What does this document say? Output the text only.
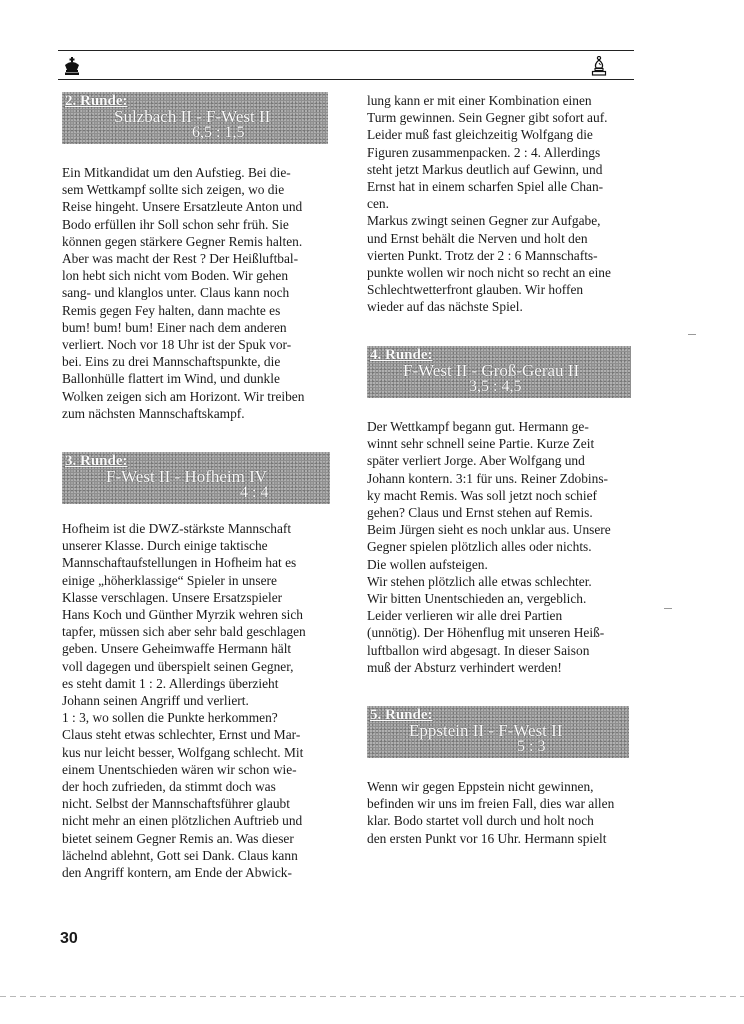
2. Runde:
Sulzbach II - F-West II
6,5 : 1,5

Ein Mitkandidat um den Aufstieg. Bei die-

sem Wettkampf sollte sich zeigen, wo die

Reise hingeht. Unsere Ersatzleute Anton und

Bodo erfüllen ihr Soll schon sehr früh. Sie

können gegen stärkere Gegner Remis halten.

Aber was macht der Rest ? Der Heißluftbal-

lon hebt sich nicht vom Boden. Wir gehen

sang- und klanglos unter. Claus kann noch

Remis gegen Fey halten, dann machte es

bum! bum! bum! Einer nach dem anderen

verliert. Noch vor 18 Uhr ist der Spuk vor-

bei. Eins zu drei Mannschaftspunkte, die

Ballonhülle flattert im Wind, und dunkle

Wolken zeigen sich am Horizont. Wir treiben

zum nächsten Mannschaftskampf.

3. Runde:
F-West II - Hofheim IV
4 : 4

Hofheim ist die DWZ-stärkste Mannschaft

unserer Klasse. Durch einige taktische

Mannschaftaufstellungen in Hofheim hat es

einige „höherklassige“ Spieler in unsere

Klasse verschlagen. Unsere Ersatzspieler

Hans Koch und Günther Myrzik wehren sich

tapfer, müssen sich aber sehr bald geschlagen

geben. Unsere Geheimwaffe Hermann hält

voll dagegen und überspielt seinen Gegner,

es steht damit 1 : 2. Allerdings überzieht

Johann seinen Angriff und verliert.

1 : 3, wo sollen die Punkte herkommen?

Claus steht etwas schlechter, Ernst und Mar-

kus nur leicht besser, Wolfgang schlecht. Mit

einem Unentschieden wären wir schon wie-

der hoch zufrieden, da stimmt doch was

nicht. Selbst der Mannschaftsführer glaubt

nicht mehr an einen plötzlichen Auftrieb und

bietet seinem Gegner Remis an. Was dieser

lächelnd ablehnt, Gott sei Dank. Claus kann

den Angriff kontern, am Ende der Abwick-

lung kann er mit einer Kombination einen

Turm gewinnen. Sein Gegner gibt sofort auf.

Leider muß fast gleichzeitig Wolfgang die

Figuren zusammenpacken. 2 : 4. Allerdings

steht jetzt Markus deutlich auf Gewinn, und

Ernst hat in einem scharfen Spiel alle Chan-

cen.

Markus zwingt seinen Gegner zur Aufgabe,

und Ernst behält die Nerven und holt den

vierten Punkt. Trotz der 2 : 6 Mannschafts-

punkte wollen wir noch nicht so recht an eine

Schlechtwetterfront glauben. Wir hoffen

wieder auf das nächste Spiel.

4. Runde:
F-West II - Groß-Gerau II
3,5 : 4,5

Der Wettkampf begann gut. Hermann ge-

winnt sehr schnell seine Partie. Kurze Zeit

später verliert Jorge. Aber Wolfgang und

Johann kontern. 3:1 für uns. Reiner Zdobins-

ky macht Remis. Was soll jetzt noch schief

gehen? Claus und Ernst stehen auf Remis.

Beim Jürgen sieht es noch unklar aus. Unsere

Gegner spielen plötzlich alles oder nichts.

Die wollen aufsteigen.

Wir stehen plötzlich alle etwas schlechter.

Wir bitten Unentschieden an, vergeblich.

Leider verlieren wir alle drei Partien

(unnötig). Der Höhenflug mit unseren Heiß-

luftballon wird abgesagt. In dieser Saison

muß der Absturz verhindert werden!

5. Runde:
Eppstein II - F-West II
5 : 3

Wenn wir gegen Eppstein nicht gewinnen,

befinden wir uns im freien Fall, dies war allen

klar. Bodo startet voll durch und holt noch

den ersten Punkt vor 16 Uhr. Hermann spielt

30
